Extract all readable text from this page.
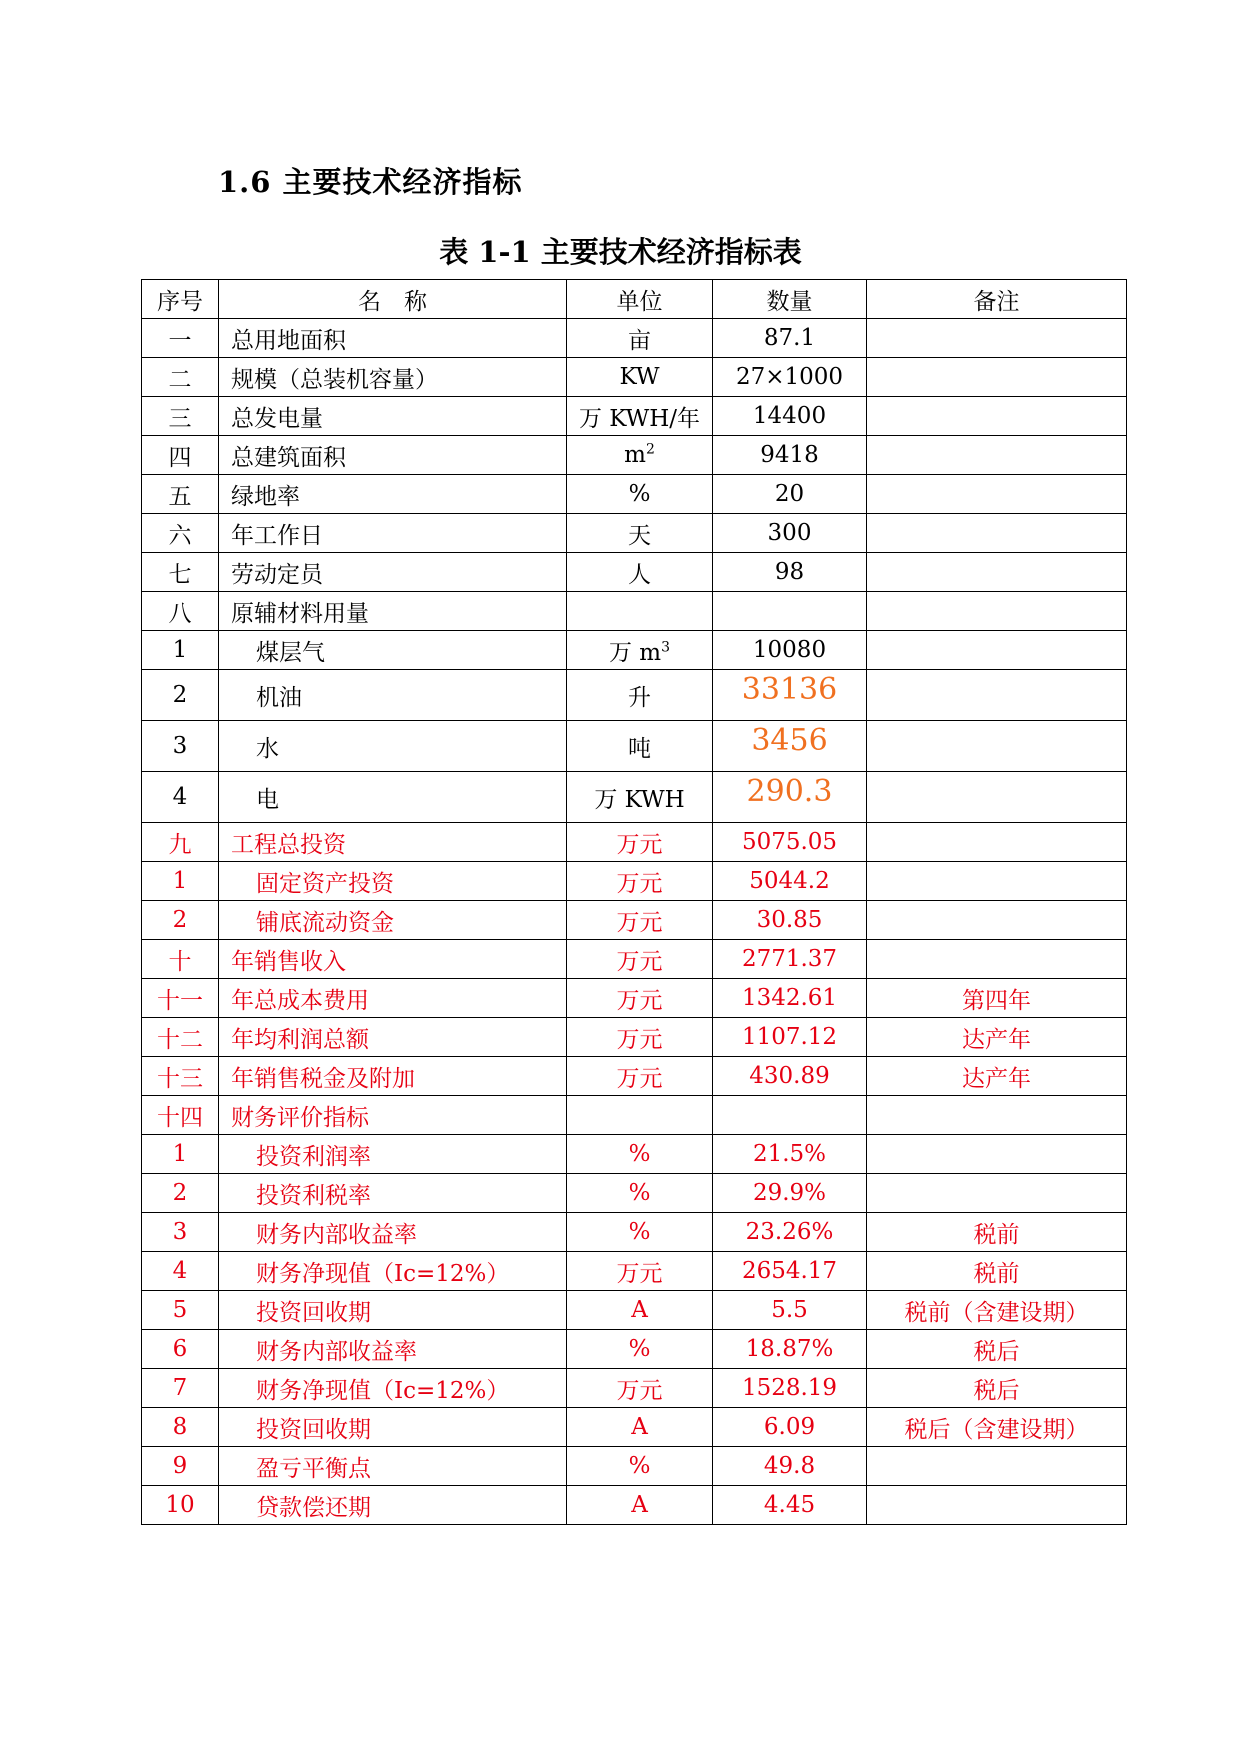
1.6 主要技术经济指标
表 1-1 主要技术经济指标表
序号	名　称	单位	数量	备注
一	总用地面积	亩	87.1	
二	规模（总装机容量）	KW	27×1000	
三	总发电量	万 KWH/年	14400	
四	总建筑面积	$m^2$	9418	
五	绿地率	%	20	
六	年工作日	天	300	
七	劳动定员	人	98	
八	原辅材料用量			
1	煤层气	万 $m^3$	10080	
2	机油	升	33136	
3	水	吨	3456	
4	电	万 KWH	290.3	
九	工程总投资	万元	5075.05	
1	固定资产投资	万元	5044.2	
2	铺底流动资金	万元	30.85	
十	年销售收入	万元	2771.37	
十一	年总成本费用	万元	1342.61	第四年
十二	年均利润总额	万元	1107.12	达产年
十三	年销售税金及附加	万元	430.89	达产年
十四	财务评价指标			
1	投资利润率	%	21.5%	
2	投资利税率	%	29.9%	
3	财务内部收益率	%	23.26%	税前
4	财务净现值（Ic=12%）	万元	2654.17	税前
5	投资回收期	A	5.5	税前（含建设期）
6	财务内部收益率	%	18.87%	税后
7	财务净现值（Ic=12%）	万元	1528.19	税后
8	投资回收期	A	6.09	税后（含建设期）
9	盈亏平衡点	%	49.8	
10	贷款偿还期	A	4.45	
